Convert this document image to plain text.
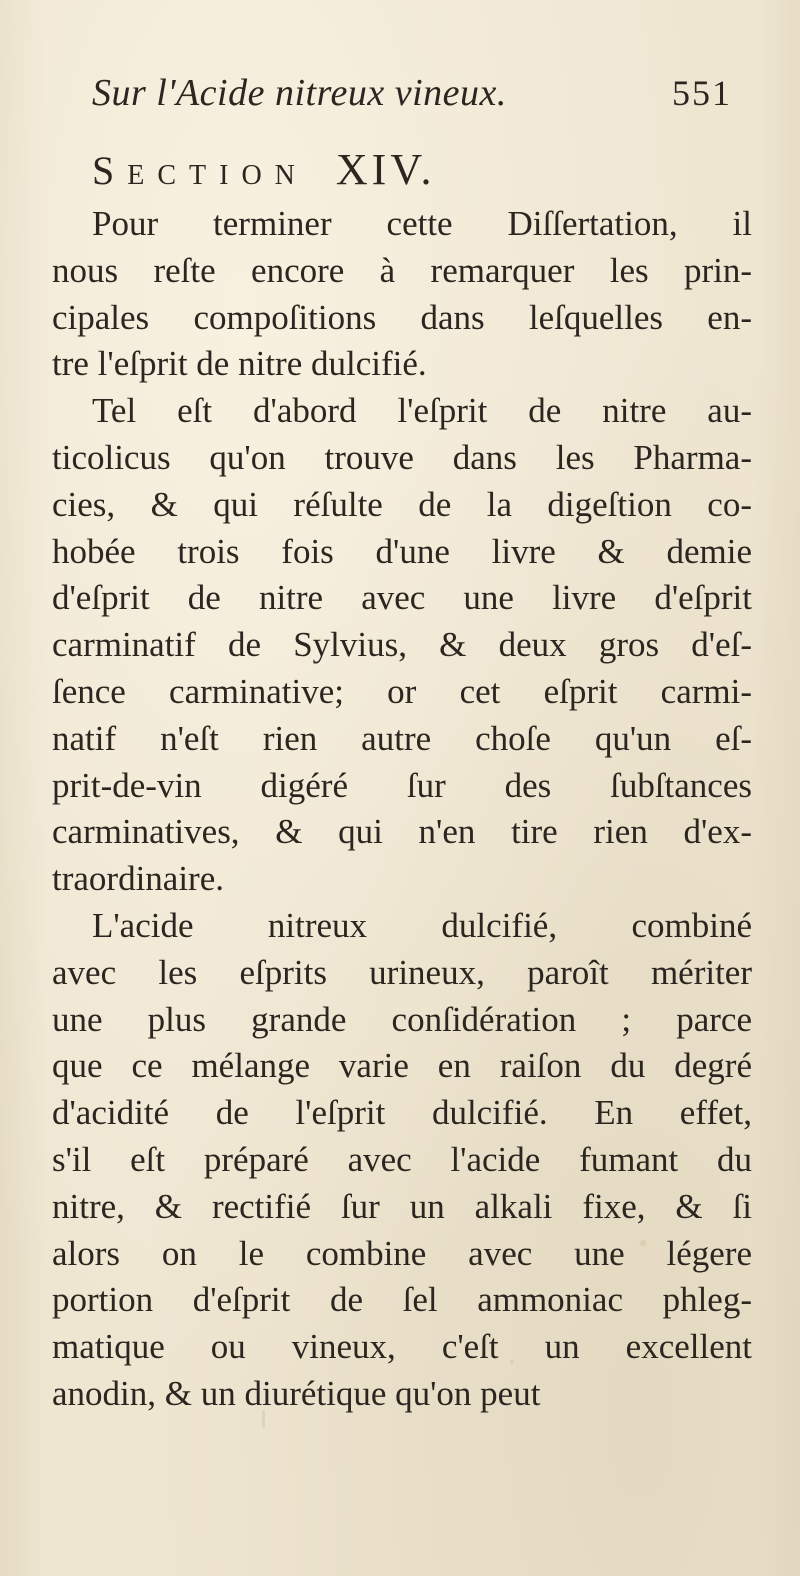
Sur l'Acide nitreux vineux.	551
Section XIV.
Pour terminer cette Diſſertation, il
nous reſte encore à remarquer les prin-
cipales compoſitions dans leſquelles en-
tre l'eſprit de nitre dulcifié.
Tel eſt d'abord l'eſprit de nitre au-
ticolicus qu'on trouve dans les Pharma-
cies, & qui réſulte de la digeſtion co-
hobée trois fois d'une livre & demie
d'eſprit de nitre avec une livre d'eſprit
carminatif de Sylvius, & deux gros d'eſ-
ſence carminative; or cet eſprit carmi-
natif n'eſt rien autre choſe qu'un eſ-
prit-de-vin digéré ſur des ſubſtances
carminatives, & qui n'en tire rien d'ex-
traordinaire.
L'acide nitreux dulcifié, combiné
avec les eſprits urineux, paroît mériter
une plus grande conſidération ; parce
que ce mélange varie en raiſon du degré
d'acidité de l'eſprit dulcifié. En effet,
s'il eſt préparé avec l'acide fumant du
nitre, & rectifié ſur un alkali fixe, & ſi
alors on le combine avec une légere
portion d'eſprit de ſel ammoniac phleg-
matique ou vineux, c'eſt un excellent
anodin, & un diurétique qu'on peut
